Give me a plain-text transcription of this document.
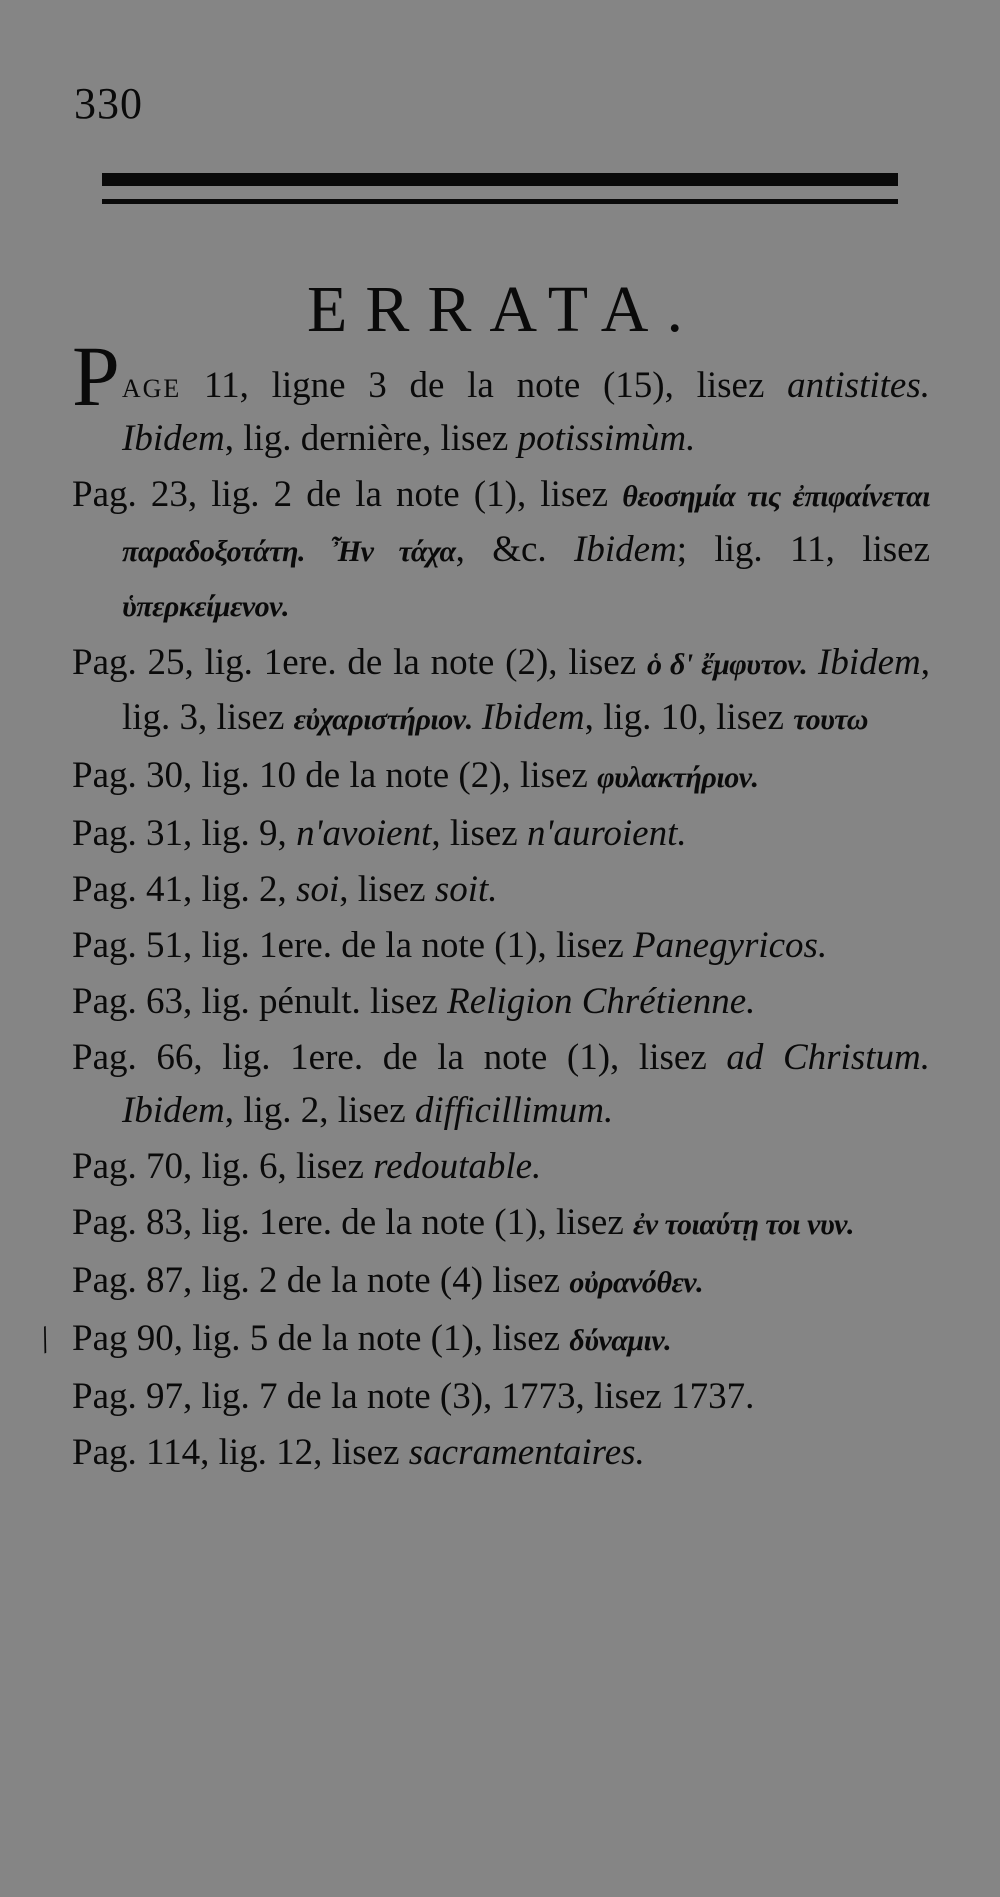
330
ERRATA.
/
Page 11, ligne 3 de la note (15), lisez antistites. Ibidem, lig. dernière, lisez potissimùm.
Pag. 23, lig. 2 de la note (1), lisez θεοσημία τις ἐπιφαίνεται παραδοξοτάτη. Ἦν τάχα, &c. Ibidem; lig. 11, lisez ὑπερκείμενον.
Pag. 25, lig. 1ere. de la note (2), lisez ὁ δ' ἔμφυτον. Ibidem, lig. 3, lisez εὐχαριστήριον. Ibidem, lig. 10, lisez τουτω
Pag. 30, lig. 10 de la note (2), lisez φυλακτήριον.
Pag. 31, lig. 9, n'avoient, lisez n'auroient.
Pag. 41, lig. 2, soi, lisez soit.
Pag. 51, lig. 1ere. de la note (1), lisez Panegyricos.
Pag. 63, lig. pénult. lisez Religion Chrétienne.
Pag. 66, lig. 1ere. de la note (1), lisez ad Christum. Ibidem, lig. 2, lisez difficillimum.
Pag. 70, lig. 6, lisez redoutable.
Pag. 83, lig. 1ere. de la note (1), lisez ἐν τοιαύτῃ τοι νυν.
Pag. 87, lig. 2 de la note (4) lisez οὐρανόθεν.
Pag 90, lig. 5 de la note (1), lisez δύναμιν.
Pag. 97, lig. 7 de la note (3), 1773, lisez 1737.
Pag. 114, lig. 12, lisez sacramentaires.
